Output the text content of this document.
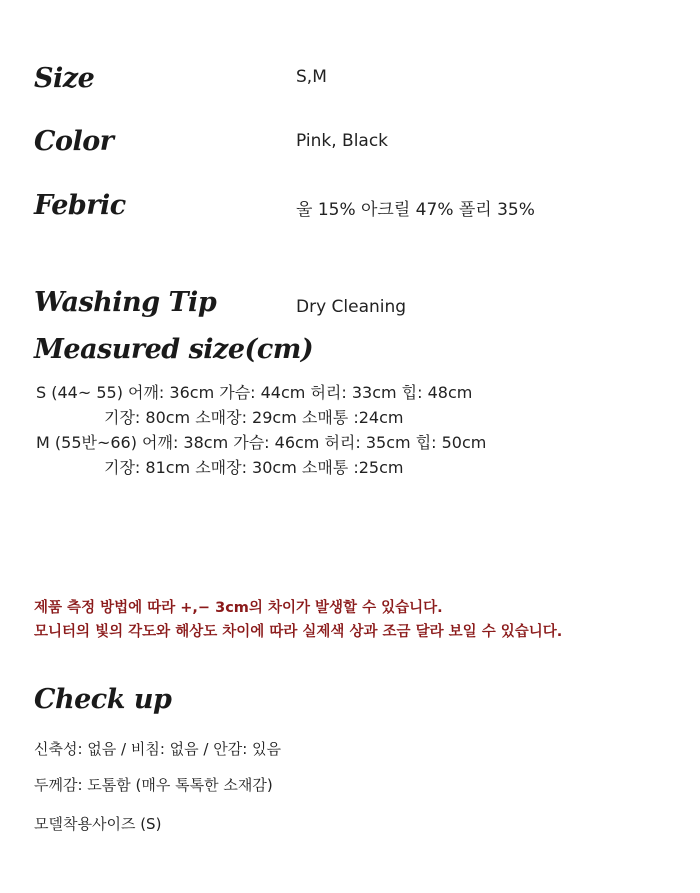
Size	S,M
Color	Pink, Black
Febric	울 15% 아크릴 47% 폴리 35%
Washing Tip	Dry Cleaning
Measured size(cm)
S (44~ 55) 어깨: 36cm 가슴: 44cm 허리: 33cm 힙: 48cm
기장: 80cm 소매장: 29cm 소매통 :24cm
M (55반~66) 어깨: 38cm 가슴: 46cm 허리: 35cm 힙: 50cm
기장: 81cm 소매장: 30cm 소매통 :25cm
제품 측정 방법에 따라 +,− 3cm의 차이가 발생할 수 있습니다.
모니터의 빛의 각도와 해상도 차이에 따라 실제색 상과 조금 달라 보일 수 있습니다.
Check up
신축성: 없음 / 비침: 없음 / 안감: 있음
두께감: 도톰함 (매우 톡톡한 소재감)
모델착용사이즈 (S)
